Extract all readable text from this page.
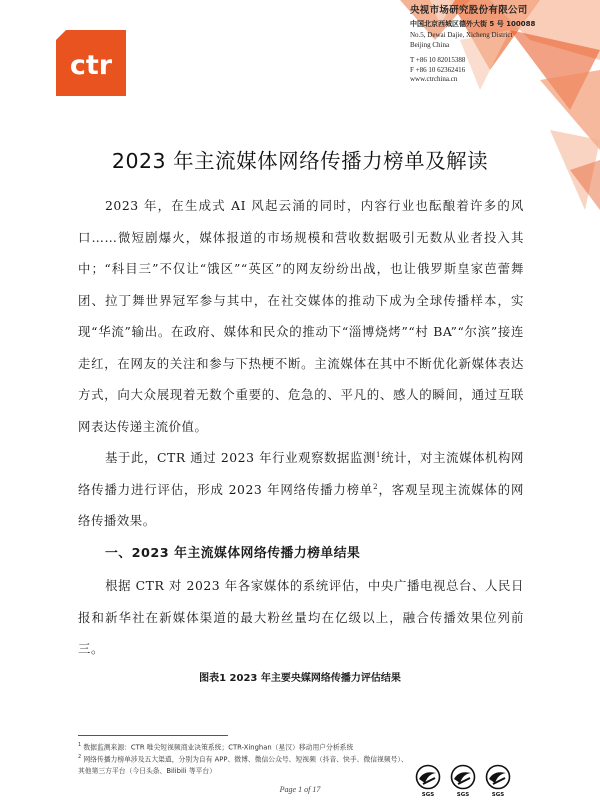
ctr
®
央视市场研究股份有限公司
中国北京西城区德外大街 5 号 100088
No.5, Dewai Dajie, Xicheng District
Beijing China
T +86 10 82015388
F +86 10 62362416
www.ctrchina.cn
2023 年主流媒体网络传播力榜单及解读

2023 年，在生成式 AI 风起云涌的同时，内容行业也酝酿着许多的风口……微短剧爆火，媒体报道的市场规模和营收数据吸引无数从业者投入其中；“科目三”不仅让“饿区”“英区”的网友纷纷出战，也让俄罗斯皇家芭蕾舞团、拉丁舞世界冠军参与其中，在社交媒体的推动下成为全球传播样本，实现“华流”输出。在政府、媒体和民众的推动下“淄博烧烤”“村 BA”“尔滨”接连走红，在网友的关注和参与下热梗不断。主流媒体在其中不断优化新媒体表达方式，向大众展现着无数个重要的、危急的、平凡的、感人的瞬间，通过互联网表达传递主流价值。

基于此，CTR 通过 2023 年行业观察数据监测$^1$统计，对主流媒体机构网络传播力进行评估，形成 2023 年网络传播力榜单$^2$，客观呈现主流媒体的网络传播效果。

一、2023 年主流媒体网络传播力榜单结果

根据 CTR 对 2023 年各家媒体的系统评估，中央广播电视总台、人民日报和新华社在新媒体渠道的最大粉丝量均在亿级以上，融合传播效果位列前三。

图表1 2023 年主要央媒网络传播力评估结果
$^1$ 数据监测来源：CTR 唯尖短视频商业决策系统；CTR-Xinghan（星汉）移动用户分析系统
$^2$ 网络传播力榜单涉及五大渠道，分别为自有 APP、微博、微信公众号、短视频（抖音、快手、微信视频号）、
其他第三方平台（今日头条、Bilibili 等平台）
Page 1 of 17
SGS	SGS	SGS
